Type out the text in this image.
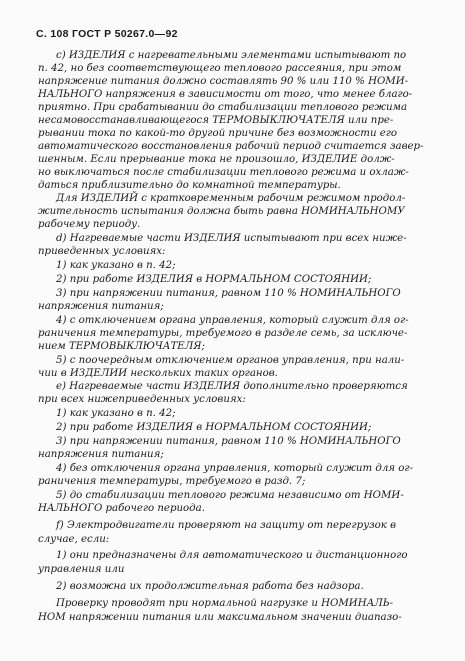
С. 108 ГОСТ Р 50267.0—92
c) ИЗДЕЛИЯ с нагревательными элементами испытывают по
п. 42, но без соответствующего теплового рассеяния, при этом
напряжение питания должно составлять 90 % или 110 % НОМИ-
НАЛЬНОГО напряжения в зависимости от того, что менее благо-
приятно. При срабатывании до стабилизации теплового режима
несамовосстанавливающегося ТЕРМОВЫКЛЮЧАТЕЛЯ или пре-
рывании тока по какой-то другой причине без возможности его
автоматического восстановления рабочий период считается завер-
шенным. Если прерывание тока не произошло, ИЗДЕЛИЕ долж-
но выключаться после стабилизации теплового режима и охлаж-
даться приблизительно до комнатной температуры.
Для ИЗДЕЛИЙ с кратковременным рабочим режимом продол-
жительность испытания должна быть равна НОМИНАЛЬНОМУ
рабочему периоду.
d) Нагреваемые части ИЗДЕЛИЯ испытывают при всех ниже-
приведенных условиях:
1) как указано в п. 42;
2) при работе ИЗДЕЛИЯ в НОРМАЛЬНОМ СОСТОЯНИИ;
3) при напряжении питания, равном 110 % НОМИНАЛЬНОГО
напряжения питания;
4) с отключением органа управления, который служит для ог-
раничения температуры, требуемого в разделе семь, за исключе-
нием ТЕРМОВЫКЛЮЧАТЕЛЯ;
5) с поочередным отключением органов управления, при нали-
чии в ИЗДЕЛИИ нескольких таких органов.
e) Нагреваемые части ИЗДЕЛИЯ дополнительно проверяются
при всех нижеприведенных условиях:
1) как указано в п. 42;
2) при работе ИЗДЕЛИЯ в НОРМАЛЬНОМ СОСТОЯНИИ;
3) при напряжении питания, равном 110 % НОМИНАЛЬНОГО
напряжения питания;
4) без отключения органа управления, который служит для ог-
раничения температуры, требуемого в разд. 7;
5) до стабилизации теплового режима независимо от НОМИ-
НАЛЬНОГО рабочего периода.
f) Электродвигатели проверяют на защиту от перегрузок в
случае, если:
1) они предназначены для автоматического и дистанционного
управления или
2) возможна их продолжительная работа без надзора.
Проверку проводят при нормальной нагрузке и НОМИНАЛЬ-
НОМ напряжении питания или максимальном значении диапазо-
